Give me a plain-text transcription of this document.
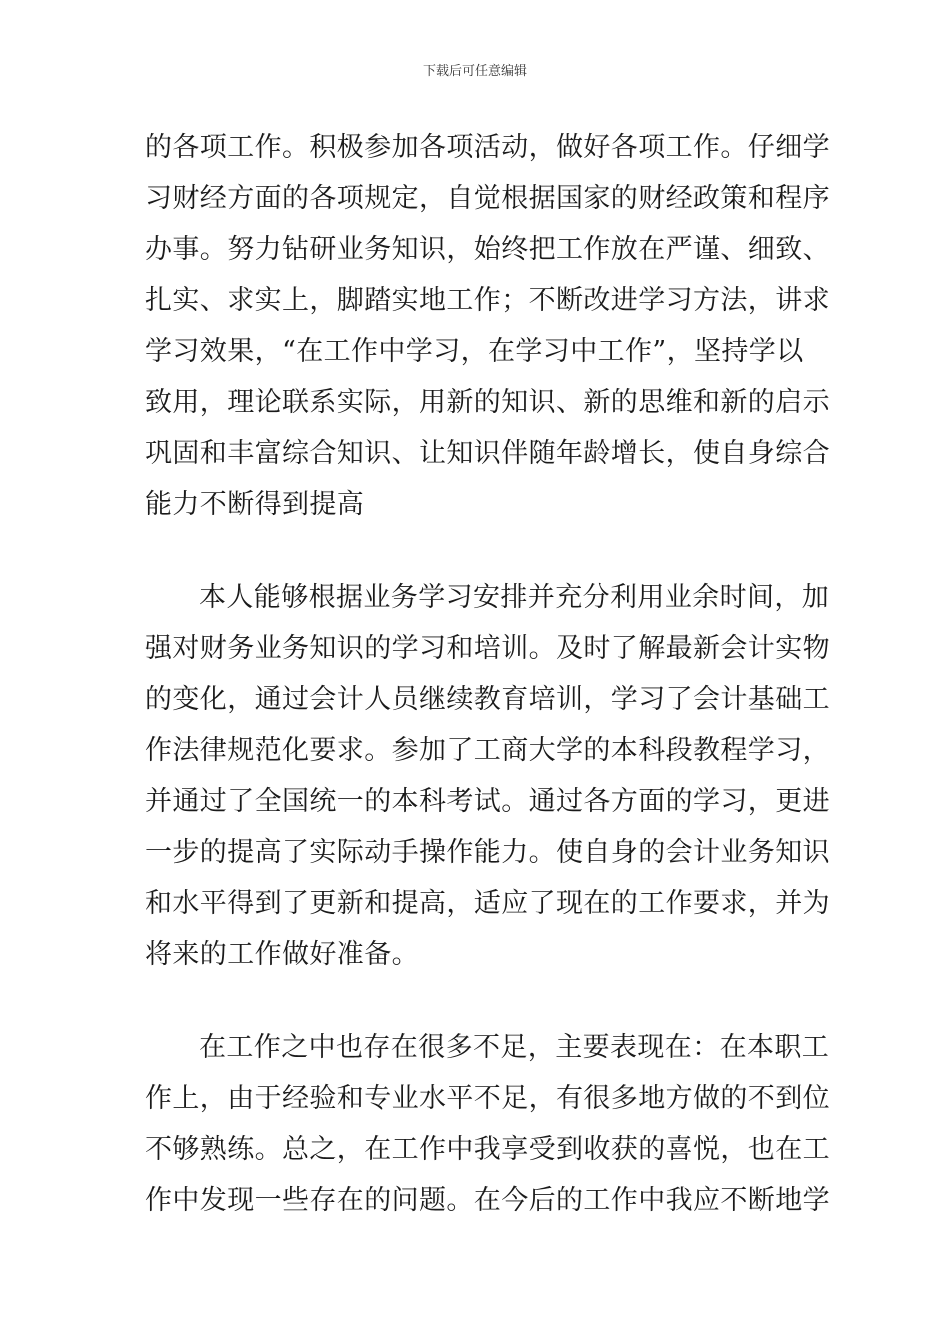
下载后可任意编辑
的各项工作。积极参加各项活动，做好各项工作。仔细学
习财经方面的各项规定，自觉根据国家的财经政策和程序
办事。努力钻研业务知识，始终把工作放在严谨、细致、
扎实、求实上，脚踏实地工作；不断改进学习方法，讲求
学习效果，“在工作中学习，在学习中工作”，坚持学以
致用，理论联系实际，用新的知识、新的思维和新的启示
巩固和丰富综合知识、让知识伴随年龄增长，使自身综合
能力不断得到提高
本人能够根据业务学习安排并充分利用业余时间，加
强对财务业务知识的学习和培训。及时了解最新会计实物
的变化，通过会计人员继续教育培训，学习了会计基础工
作法律规范化要求。参加了工商大学的本科段教程学习，
并通过了全国统一的本科考试。通过各方面的学习，更进
一步的提高了实际动手操作能力。使自身的会计业务知识
和水平得到了更新和提高，适应了现在的工作要求，并为
将来的工作做好准备。
在工作之中也存在很多不足，主要表现在：在本职工
作上，由于经验和专业水平不足，有很多地方做的不到位
不够熟练。总之，在工作中我享受到收获的喜悦，也在工
作中发现一些存在的问题。在今后的工作中我应不断地学
